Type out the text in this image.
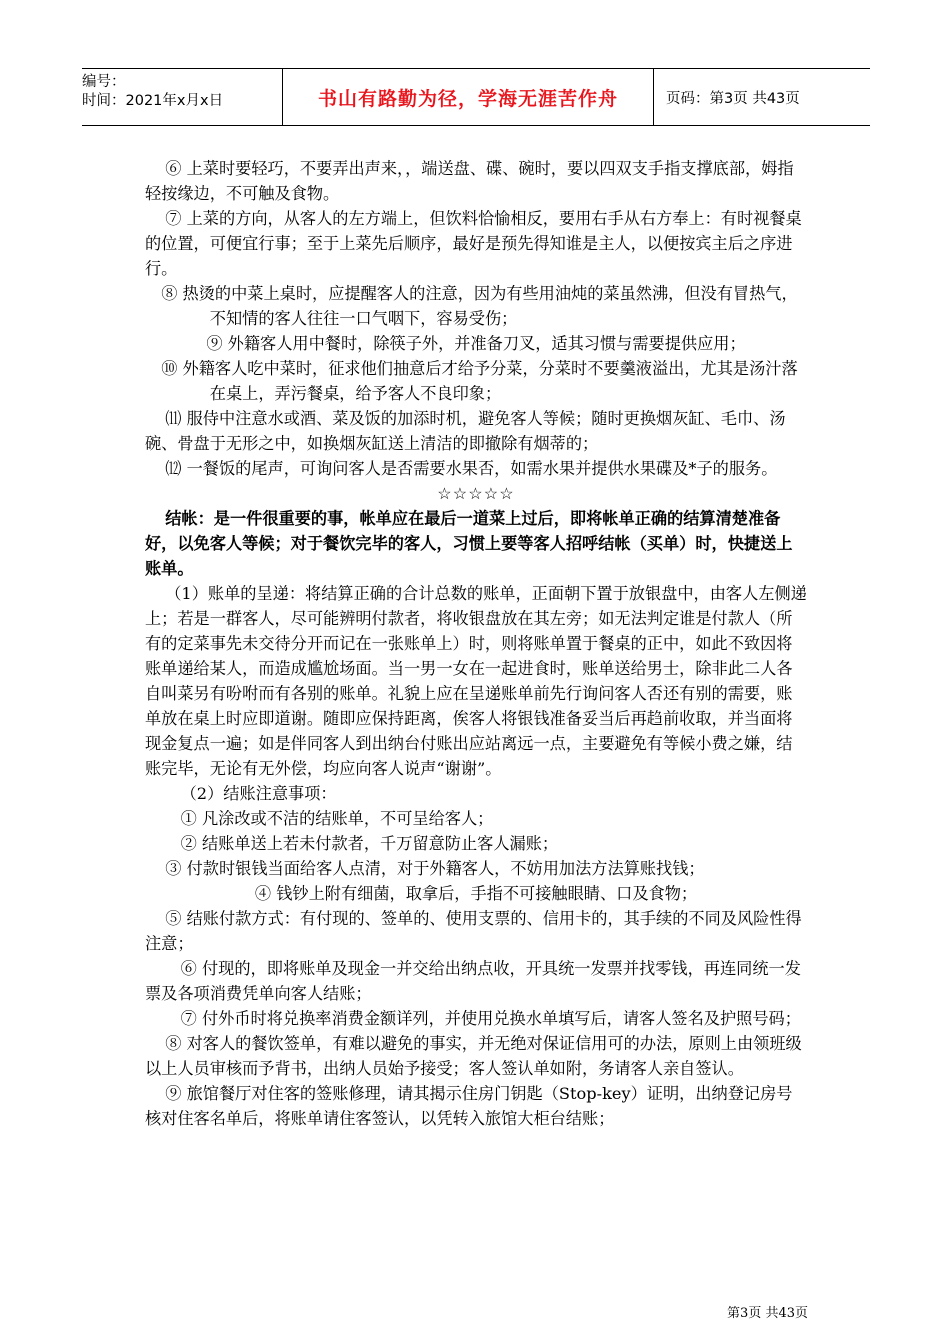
编号：
时间：2021年x月x日	书山有路勤为径，学海无涯苦作舟	页码：第3页 共43页

⑥ 上菜时要轻巧，不要弄出声来，，端送盘、碟、碗时，要以四双支手指支撑底部，姆指轻按缘边，不可触及食物。

⑦ 上菜的方向，从客人的左方端上，但饮料恰愉相反，要用右手从右方奉上：有时视餐桌的位置，可便宜行事；至于上菜先后顺序，最好是预先得知谁是主人，以便按宾主后之序进行。

⑧ 热烫的中菜上桌时，应提醒客人的注意，因为有些用油炖的菜虽然沸，但没有冒热气，不知情的客人往往一口气咽下，容易受伤；

⑨ 外籍客人用中餐时，除筷子外，并准备刀叉，适其习惯与需要提供应用；

⑩ 外籍客人吃中菜时，征求他们抽意后才给予分菜，分菜时不要羹液溢出，尤其是汤汁落在桌上，弄污餐桌，给予客人不良印象；

⑾ 服侍中注意水或酒、菜及饭的加添时机，避免客人等候；随时更换烟灰缸、毛巾、汤碗、骨盘于无形之中，如换烟灰缸送上清洁的即撤除有烟蒂的；

⑿ 一餐饭的尾声，可询问客人是否需要水果否，如需水果并提供水果碟及*子的服务。

☆☆☆☆☆

结帐：是一件很重要的事，帐单应在最后一道菜上过后，即将帐单正确的结算清楚准备好，以免客人等候；对于餐饮完毕的客人，习惯上要等客人招呼结帐（买单）时，快捷送上账单。

（1）账单的呈递：将结算正确的合计总数的账单，正面朝下置于放银盘中，由客人左侧递上；若是一群客人，尽可能辨明付款者，将收银盘放在其左旁；如无法判定谁是付款人（所有的定菜事先未交待分开而记在一张账单上）时，则将账单置于餐桌的正中，如此不致因将账单递给某人，而造成尴尬场面。当一男一女在一起进食时，账单送给男士，除非此二人各自叫菜另有吩咐而有各别的账单。礼貌上应在呈递账单前先行询问客人否还有别的需要，账单放在桌上时应即道谢。随即应保持距离，俟客人将银钱准备妥当后再趋前收取，并当面将现金复点一遍；如是伴同客人到出纳台付账出应站离远一点，主要避免有等候小费之嫌，结账完毕，无论有无外偿，均应向客人说声“谢谢”。

（2）结账注意事项：

① 凡涂改或不洁的结账单，不可呈给客人；

② 结账单送上若未付款者，千万留意防止客人漏账；

③ 付款时银钱当面给客人点清，对于外籍客人，不妨用加法方法算账找钱；

④ 钱钞上附有细菌，取拿后，手指不可接触眼睛、口及食物；

⑤ 结账付款方式：有付现的、签单的、使用支票的、信用卡的，其手续的不同及风险性得注意；

⑥ 付现的，即将账单及现金一并交给出纳点收，开具统一发票并找零钱，再连同统一发票及各项消费凭单向客人结账；

⑦ 付外币时将兑换率消费金额详列，并使用兑换水单填写后，请客人签名及护照号码；

⑧ 对客人的餐饮签单，有难以避免的事实，并无绝对保证信用可的办法，原则上由领班级以上人员审核而予背书，出纳人员始予接受；客人签认单如附，务请客人亲自签认。

⑨ 旅馆餐厅对住客的签账修理，请其揭示住房门钥匙（Stop-key）证明，出纳登记房号核对住客名单后，将账单请住客签认，以凭转入旅馆大柜台结账；

第3页 共43页
